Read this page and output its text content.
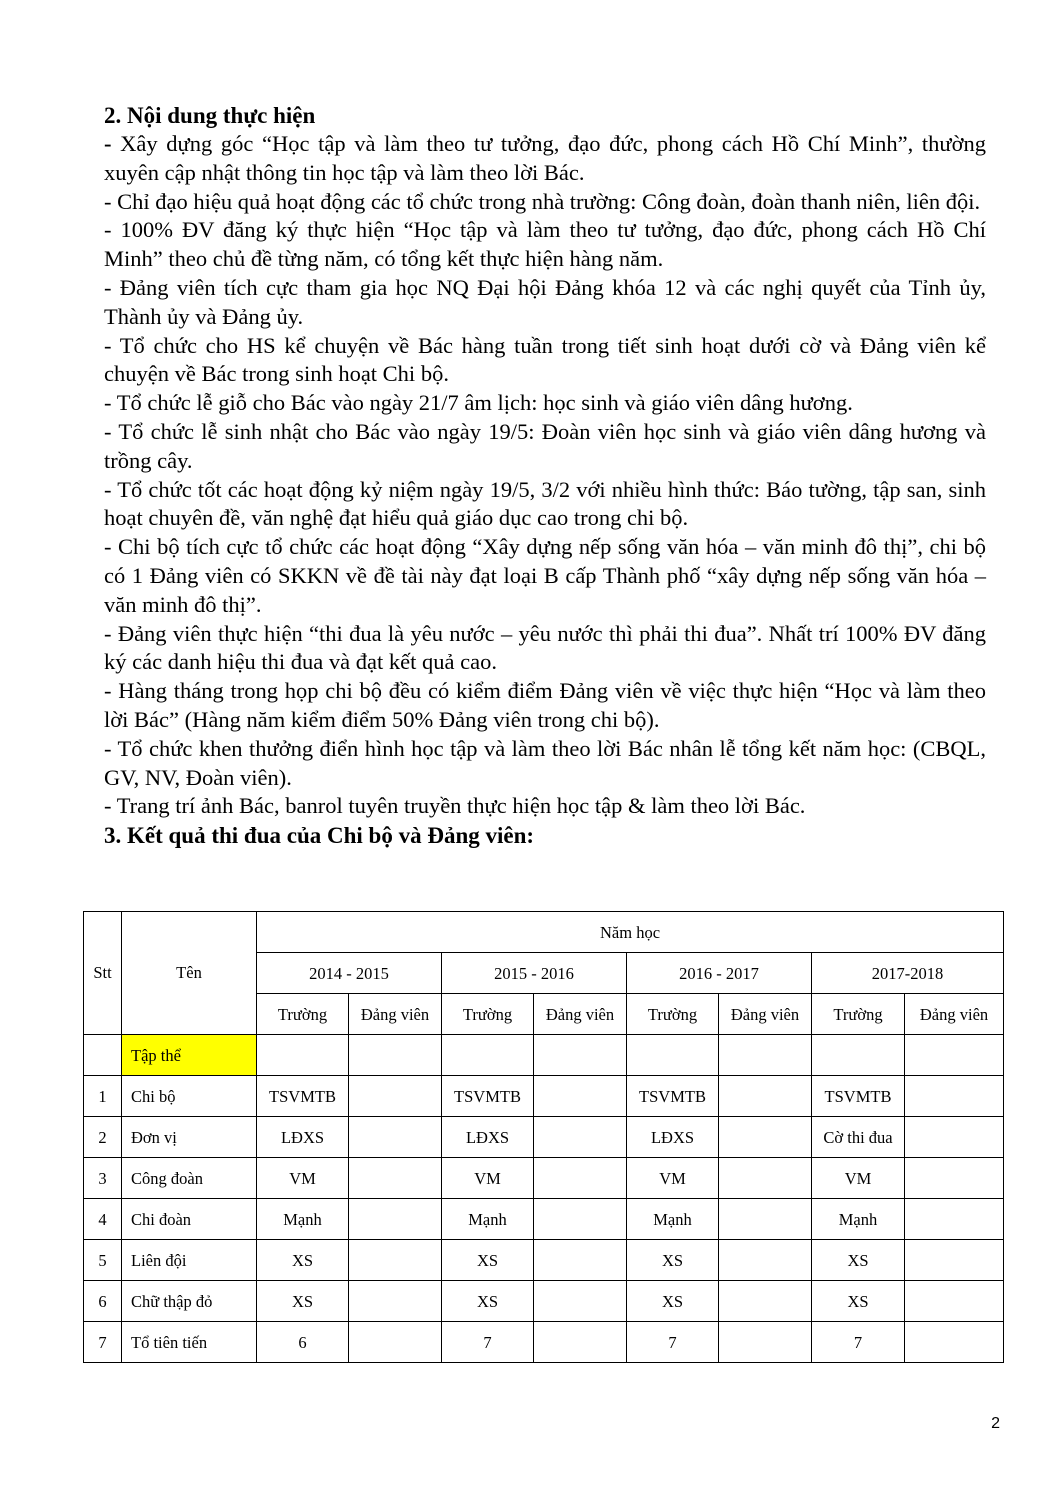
2. Nội dung thực hiện

- Xây dựng góc “Học tập và làm theo tư tưởng, đạo đức, phong cách Hồ Chí Minh”, thường xuyên cập nhật thông tin học tập và làm theo lời Bác.

- Chỉ đạo hiệu quả hoạt động các tổ chức trong nhà trường: Công đoàn, đoàn thanh niên, liên đội.

- 100% ĐV đăng ký thực hiện “Học tập và làm theo tư tưởng, đạo đức, phong cách Hồ Chí Minh” theo chủ đề từng năm, có tổng kết thực hiện hàng năm.

- Đảng viên tích cực tham gia học NQ Đại hội Đảng khóa 12 và các nghị quyết của Tỉnh ủy, Thành ủy và Đảng ủy.

- Tổ chức cho HS kể chuyện về Bác hàng tuần trong tiết sinh hoạt dưới cờ và Đảng viên kể chuyện về Bác trong sinh hoạt Chi bộ.

- Tổ chức lễ giỗ cho Bác vào ngày 21/7 âm lịch: học sinh và giáo viên dâng hương.

- Tổ chức lễ sinh nhật cho Bác vào ngày 19/5: Đoàn viên học sinh và giáo viên dâng hương và trồng cây.

- Tổ chức tốt các hoạt động kỷ niệm ngày 19/5, 3/2 với nhiều hình thức: Báo tường, tập san, sinh hoạt chuyên đề, văn nghệ đạt hiểu quả giáo dục cao trong chi bộ.

- Chi bộ tích cực tổ chức các hoạt động “Xây dựng nếp sống văn hóa – văn minh đô thị”, chi bộ có 1 Đảng viên có SKKN về đề tài này đạt loại B cấp Thành phố “xây dựng nếp sống văn hóa – văn minh đô thị”.

- Đảng viên thực hiện “thi đua là yêu nước – yêu nước thì phải thi đua”. Nhất trí 100% ĐV đăng ký các danh hiệu thi đua và đạt kết quả cao.

- Hàng tháng trong họp chi bộ đều có kiểm điểm Đảng viên về việc thực hiện “Học và làm theo lời Bác” (Hàng năm kiểm điểm 50% Đảng viên trong chi bộ).

- Tổ chức khen thưởng điển hình học tập và làm theo lời Bác nhân lễ tổng kết năm học: (CBQL, GV, NV, Đoàn viên).

- Trang trí ảnh Bác, banrol tuyên truyền thực hiện học tập & làm theo lời Bác.

3. Kết quả thi đua của Chi bộ và Đảng viên:

Stt	Tên	Năm học							
		2014 - 2015		2015 - 2016		2016 - 2017		2017-2018	
		Trường	Đảng viên	Trường	Đảng viên	Trường	Đảng viên	Trường	Đảng viên
	Tập thể								
1	Chi bộ	TSVMTB		TSVMTB		TSVMTB		TSVMTB	
2	Đơn vị	LĐXS		LĐXS		LĐXS		Cờ thi đua	
3	Công đoàn	VM		VM		VM		VM	
4	Chi đoàn	Mạnh		Mạnh		Mạnh		Mạnh	
5	Liên đội	XS		XS		XS		XS	
6	Chữ thập đỏ	XS		XS		XS		XS	
7	Tổ tiên tiến	6		7		7		7	
2
